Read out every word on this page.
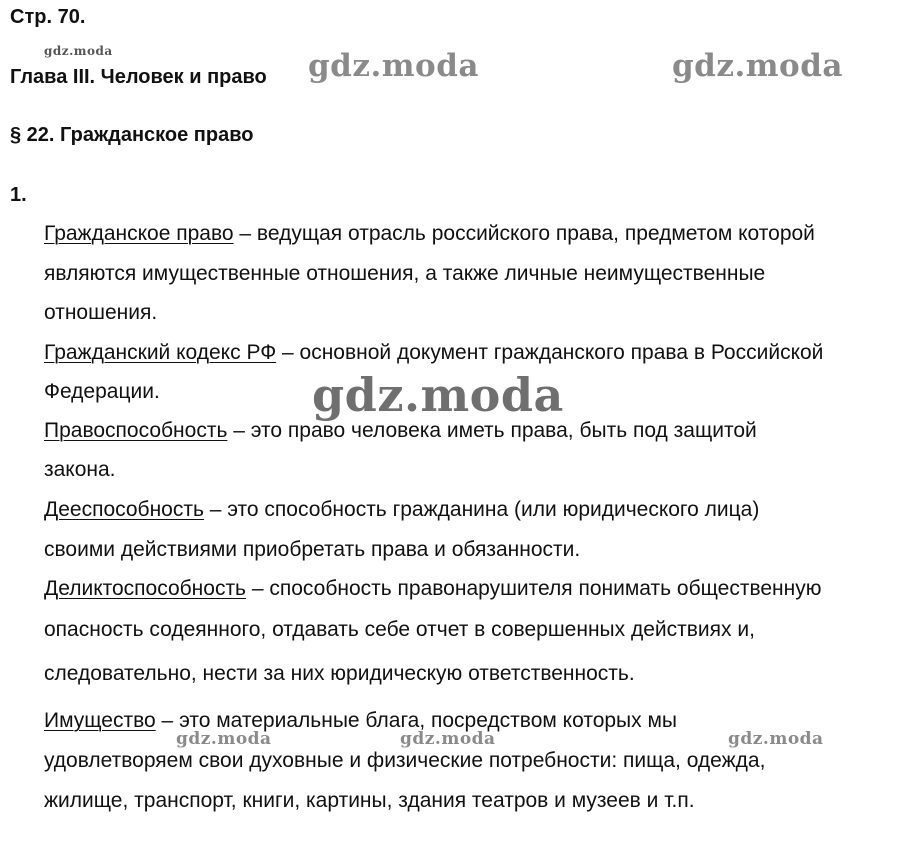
Стр. 70.
Глава III. Человек и право
§ 22. Гражданское право
1.
Гражданское право – ведущая отрасль российского права, предметом которой
являются имущественные отношения, а также личные неимущественные
отношения.
Гражданский кодекс РФ – основной документ гражданского права в Российской
Федерации.
Правоспособность – это право человека иметь права, быть под защитой
закона.
Дееспособность – это способность гражданина (или юридического лица)
своими действиями приобретать права и обязанности.
Деликтоспособность – способность правонарушителя понимать общественную
опасность содеянного, отдавать себе отчет в совершенных действиях и,
следовательно, нести за них юридическую ответственность.
Имущество – это материальные блага, посредством которых мы
удовлетворяем свои духовные и физические потребности: пища, одежда,
жилище, транспорт, книги, картины, здания театров и музеев и т.п.
gdz.moda	gdz.moda	gdz.moda
gdz.moda
gdz.moda	gdz.moda	gdz.moda
